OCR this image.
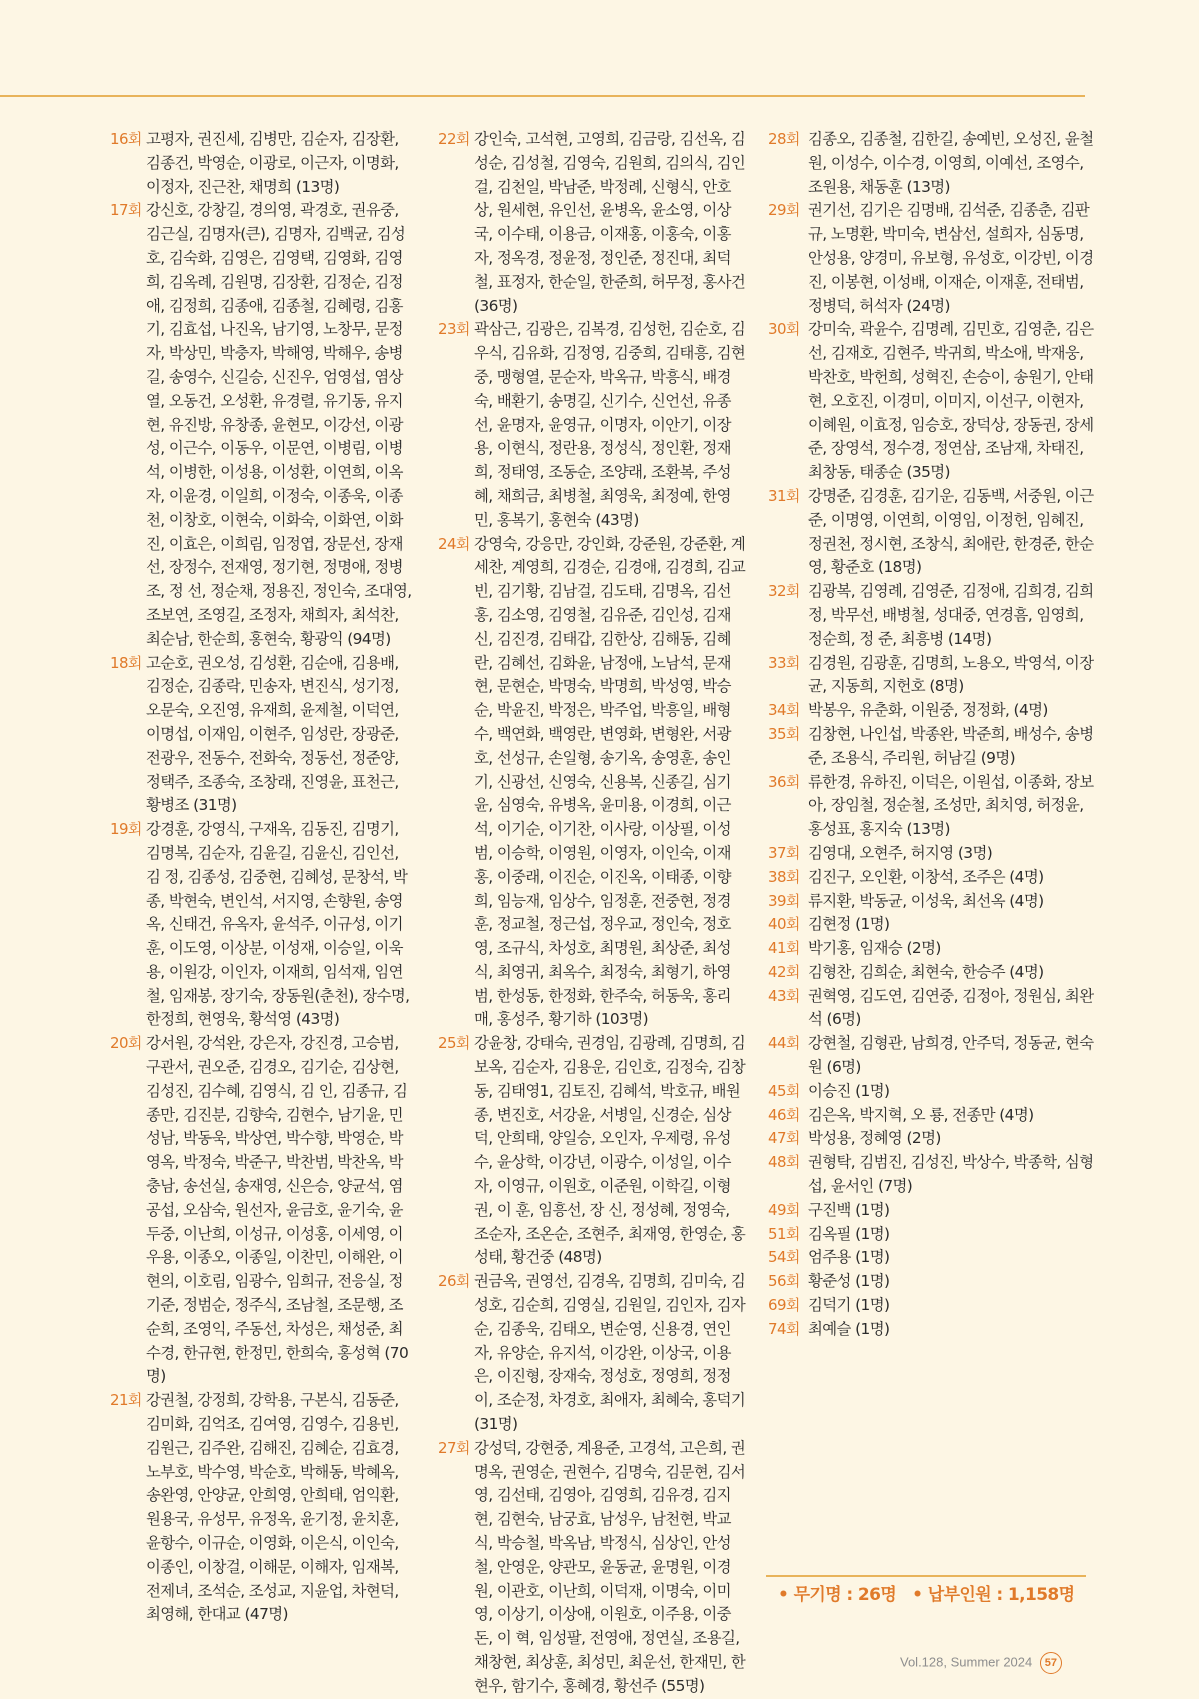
16회 고평자, 권진세, 김병만, 김순자, 김장환, 김종건, 박영순, 이광로, 이근자, 이명화, 이정자, 진근찬, 채명희 (13명)
17회 강신호, 강창길, 경의영, 곽경호, 권유중, 김근실, 김명자(큰), 김명자, 김백균, 김성호, 김숙화, 김영은, 김영택, 김영화, 김영희, 김옥례, 김원명, 김장환, 김정순, 김정애, 김정희, 김종애, 김종철, 김혜령, 김홍기, 김효섭, 나진옥, 남기영, 노창무, 문정자, 박상민, 박충자, 박해영, 박해우, 송병길, 송영수, 신길승, 신진우, 엄영섭, 염상열, 오동건, 오성환, 유경렬, 유기동, 유지현, 유진방, 유창종, 윤현모, 이강선, 이광성, 이근수, 이동우, 이문연, 이병림, 이병석, 이병한, 이성용, 이성환, 이연희, 이옥자, 이윤경, 이일희, 이정숙, 이종욱, 이종천, 이창호, 이현숙, 이화숙, 이화연, 이화진, 이효은, 이희림, 임정엽, 장문선, 장재선, 장정수, 전재영, 정기현, 정명애, 정병조, 정 선, 정순채, 정용진, 정인숙, 조대영, 조보연, 조영길, 조정자, 채희자, 최석찬, 최순남, 한순희, 홍현숙, 황광익 (94명)
18회 고순호, 권오성, 김성환, 김순애, 김용배, 김정순, 김종락, 민송자, 변진식, 성기정, 오문숙, 오진영, 유재희, 윤제철, 이덕연, 이명섭, 이재임, 이현주, 임성란, 장광준, 전광우, 전동수, 전화숙, 정동선, 정준양, 정택주, 조종숙, 조창래, 진영윤, 표천근, 황병조 (31명)
19회 강경훈, 강영식, 구재옥, 김동진, 김명기, 김명복, 김순자, 김윤길, 김윤신, 김인선, 김 정, 김종성, 김중현, 김혜성, 문창석, 박 종, 박현숙, 변인석, 서지영, 손향원, 송영옥, 신태건, 유옥자, 윤석주, 이규성, 이기훈, 이도영, 이상분, 이성재, 이승일, 이욱용, 이원강, 이인자, 이재희, 임석재, 임연철, 임재봉, 장기숙, 장동원(춘천), 장수명, 한정희, 현영욱, 황석영 (43명)
20회 강서원, 강석완, 강은자, 강진경, 고승범, 구관서, 권오준, 김경오, 김기순, 김상현, 김성진, 김수혜, 김영식, 김 인, 김종규, 김종만, 김진분, 김향숙, 김현수, 남기윤, 민성남, 박동욱, 박상연, 박수향, 박영순, 박영옥, 박정숙, 박준구, 박찬범, 박찬옥, 박충남, 송선실, 송재영, 신은승, 양균석, 염공섭, 오삼숙, 원선자, 윤금호, 윤기숙, 윤두중, 이난희, 이성규, 이성홍, 이세영, 이우용, 이종오, 이종일, 이찬민, 이해완, 이현의, 이호림, 임광수, 임희규, 전응실, 정기준, 정범순, 정주식, 조남철, 조문행, 조순희, 조영익, 주동선, 차성은, 채성준, 최수경, 한규현, 한정민, 한희숙, 홍성혁 (70명)
21회 강권철, 강정희, 강학용, 구본식, 김동준, 김미화, 김억조, 김여영, 김영수, 김용빈, 김원근, 김주완, 김해진, 김혜순, 김효경, 노부호, 박수영, 박순호, 박해동, 박혜옥, 송완영, 안양균, 안희영, 안희태, 엄익환, 원용국, 유성무, 유정옥, 윤기정, 윤치훈, 윤항수, 이규순, 이영화, 이은식, 이인숙, 이종인, 이창걸, 이해문, 이해자, 임재복, 전제녀, 조석순, 조성교, 지윤업, 차현덕, 최영해, 한대교 (47명)
22회 강인숙, 고석현, 고영희, 김금랑, 김선옥, 김성순, 김성철, 김영숙, 김원희, 김의식, 김인걸, 김천일, 박남준, 박정례, 신형식, 안호상, 원세현, 유인선, 윤병옥, 윤소영, 이상국, 이수태, 이용금, 이재홍, 이홍숙, 이홍자, 정옥경, 정윤정, 정인준, 정진대, 최덕철, 표정자, 한순일, 한준희, 허무정, 홍사건 (36명)
23회 곽삼근, 김광은, 김복경, 김성헌, 김순호, 김우식, 김유화, 김정영, 김중희, 김태흥, 김현중, 맹형열, 문순자, 박옥규, 박흥식, 배경숙, 배환기, 송명길, 신기수, 신언선, 유종선, 윤명자, 윤영규, 이명자, 이안기, 이장용, 이현식, 정란용, 정성식, 정인환, 정재희, 정태영, 조동순, 조양래, 조환복, 주성혜, 채희금, 최병철, 최영욱, 최정예, 한영민, 홍복기, 홍현숙 (43명)
24회 강영숙, 강응만, 강인화, 강준원, 강준환, 계세찬, 계영희, 김경순, 김경애, 김경희, 김교빈, 김기황, 김남걸, 김도태, 김명옥, 김선홍, 김소영, 김영철, 김유준, 김인성, 김재신, 김진경, 김태갑, 김한상, 김해동, 김혜란, 김혜선, 김화윤, 남정애, 노남석, 문재현, 문현순, 박명숙, 박명희, 박성영, 박승순, 박윤진, 박정은, 박주업, 박흥일, 배형수, 백연화, 백영란, 변영화, 변형완, 서광호, 선성규, 손일형, 송기옥, 송영훈, 송인기, 신광선, 신영숙, 신용복, 신종길, 심기윤, 심영숙, 유병옥, 윤미용, 이경희, 이근석, 이기순, 이기찬, 이사랑, 이상필, 이성범, 이승학, 이영원, 이영자, 이인숙, 이재홍, 이중래, 이진순, 이진옥, 이태종, 이향희, 임능재, 임상수, 임정훈, 전중현, 정경훈, 정교철, 정근섭, 정우교, 정인숙, 정호영, 조규식, 차성호, 최명원, 최상준, 최성식, 최영귀, 최옥수, 최정숙, 최형기, 하영범, 한성동, 한정화, 한주숙, 허동욱, 홍리매, 홍성주, 황기하 (103명)
25회 강윤창, 강태숙, 권경임, 김광례, 김명희, 김보옥, 김순자, 김용운, 김인호, 김정숙, 김창동, 김태영1, 김토진, 김혜석, 박호규, 배원종, 변진호, 서강윤, 서병일, 신경순, 심상덕, 안희태, 양일승, 오인자, 우제령, 유성수, 윤상학, 이강년, 이광수, 이성일, 이수자, 이영규, 이원호, 이준원, 이학길, 이형권, 이 훈, 임흥선, 장 신, 정성혜, 정영숙, 조순자, 조온순, 조현주, 최재영, 한영순, 홍성태, 황건중 (48명)
26회 권금옥, 권영선, 김경옥, 김명희, 김미숙, 김성호, 김순희, 김영실, 김원일, 김인자, 김자순, 김종욱, 김태오, 변순영, 신용경, 연인자, 유양순, 유지석, 이강완, 이상국, 이용은, 이진형, 장재숙, 정성호, 정영희, 정정이, 조순정, 차경호, 최애자, 최혜숙, 홍덕기 (31명)
27회 강성덕, 강현중, 계용준, 고경석, 고은희, 권명옥, 권영순, 권현수, 김명숙, 김문현, 김서영, 김선태, 김영아, 김영희, 김유경, 김지현, 김현숙, 남궁효, 남성우, 남천현, 박교식, 박승철, 박옥남, 박정식, 심상인, 안성철, 안영운, 양관모, 윤동균, 윤명원, 이경원, 이관호, 이난희, 이덕재, 이명숙, 이미영, 이상기, 이상애, 이원호, 이주용, 이중돈, 이 혁, 임성팔, 전영애, 정연실, 조용길, 채창현, 최상훈, 최성민, 최운선, 한재민, 한현우, 함기수, 홍혜경, 황선주 (55명)
28회 김종오, 김종철, 김한길, 송예빈, 오성진, 윤철원, 이성수, 이수경, 이영희, 이예선, 조영수, 조원용, 채동훈 (13명)
29회 권기선, 김기은 김명배, 김석준, 김종춘, 김판규, 노명환, 박미숙, 변삼선, 설희자, 심동명, 안성용, 양경미, 유보형, 유성호, 이강빈, 이경진, 이봉현, 이성배, 이재순, 이재훈, 전태범, 정병덕, 허석자 (24명)
30회 강미숙, 곽윤수, 김명례, 김민호, 김영춘, 김은선, 김재호, 김현주, 박귀희, 박소애, 박재웅, 박찬호, 박헌희, 성혁진, 손승이, 송원기, 안태현, 오호진, 이경미, 이미지, 이선구, 이현자, 이혜원, 이효정, 임승호, 장덕상, 장동권, 장세준, 장영석, 정수경, 정연삼, 조남재, 차태진, 최창동, 태종순 (35명)
31회 강명준, 김경훈, 김기운, 김동백, 서중원, 이근준, 이명영, 이연희, 이영임, 이정헌, 임혜진, 정권천, 정시현, 조창식, 최애란, 한경준, 한순영, 황준호 (18명)
32회 김광복, 김영례, 김영준, 김정애, 김희경, 김희정, 박무선, 배병철, 성대중, 연경흠, 임영희, 정순희, 정 준, 최흥병 (14명)
33회 김경원, 김광훈, 김명희, 노용오, 박영석, 이장균, 지동희, 지헌호 (8명)
34회 박봉우, 유춘화, 이원중, 정정화, (4명)
35회 김창현, 나인섭, 박종완, 박준희, 배성수, 송병준, 조용식, 주리원, 허남길 (9명)
36회 류한경, 유하진, 이덕은, 이원섭, 이종화, 장보아, 장임철, 정순철, 조성만, 최치영, 허정윤, 홍성표, 홍지숙 (13명)
37회 김영대, 오현주, 허지영 (3명)
38회 김진구, 오인환, 이창석, 조주은 (4명)
39회 류지환, 박동균, 이성욱, 최선옥 (4명)
40회 김현정 (1명)
41회 박기홍, 임재승 (2명)
42회 김형찬, 김희순, 최현숙, 한승주 (4명)
43회 권혁영, 김도연, 김연중, 김정아, 정원심, 최완석 (6명)
44회 강현철, 김형관, 남희경, 안주덕, 정동균, 현숙원 (6명)
45회 이승진 (1명)
46회 김은옥, 박지혁, 오 룡, 전종만 (4명)
47회 박성용, 정혜영 (2명)
48회 권형탁, 김범진, 김성진, 박상수, 박종학, 심형섭, 윤서인 (7명)
49회 구진백 (1명)
51회 김옥필 (1명)
54회 엄주용 (1명)
56회 황준성 (1명)
69회 김덕기 (1명)
74회 최예슬 (1명)
• 무기명 : 26명 • 납부인원 : 1,158명
Vol.128, Summer 2024 57
